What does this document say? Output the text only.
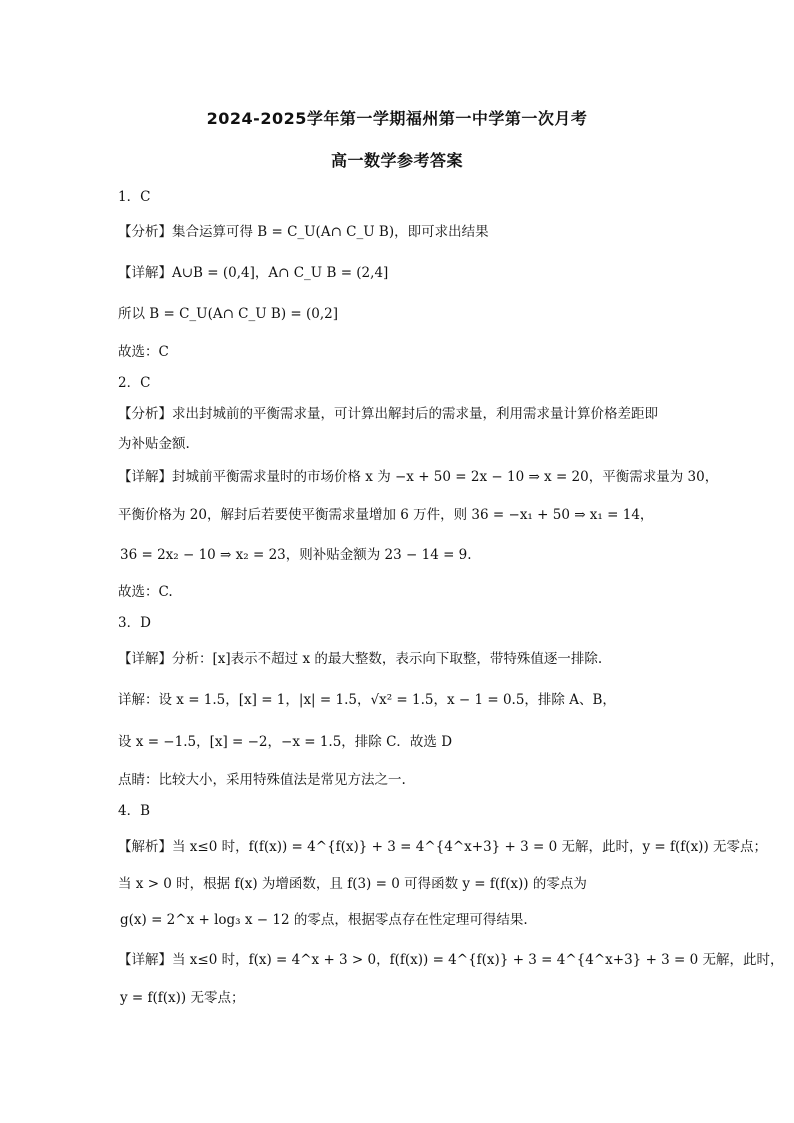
2024-2025学年第一学期福州第一中学第一次月考
高一数学参考答案
1．C
【分析】集合运算可得 B = C_U(A∩ C_U B)，即可求出结果
【详解】A∪B = (0,4]，A∩ C_U B = (2,4]
所以 B = C_U(A∩ C_U B) = (0,2]
故选：C
2．C
【分析】求出封城前的平衡需求量，可计算出解封后的需求量，利用需求量计算价格差距即
为补贴金额.
【详解】封城前平衡需求量时的市场价格 x 为 −x + 50 = 2x − 10 ⇒ x = 20，平衡需求量为 30，
平衡价格为 20，解封后若要使平衡需求量增加 6 万件，则 36 = −x₁ + 50 ⇒ x₁ = 14，
36 = 2x₂ − 10 ⇒ x₂ = 23，则补贴金额为 23 − 14 = 9.
故选：C.
3．D
【详解】分析：[x]表示不超过 x 的最大整数，表示向下取整，带特殊值逐一排除.
详解：设 x = 1.5，[x] = 1，|x| = 1.5，√x² = 1.5，x − 1 = 0.5，排除 A、B，
设 x = −1.5，[x] = −2，−x = 1.5，排除 C．故选 D
点睛：比较大小，采用特殊值法是常见方法之一.
4．B
【解析】当 x≤0 时，f(f(x)) = 4^{f(x)} + 3 = 4^{4^x+3} + 3 = 0 无解，此时，y = f(f(x)) 无零点；
当 x > 0 时，根据 f(x) 为增函数，且 f(3) = 0 可得函数 y = f(f(x)) 的零点为
g(x) = 2^x + log₃ x − 12 的零点，根据零点存在性定理可得结果.
【详解】当 x≤0 时，f(x) = 4^x + 3 > 0，f(f(x)) = 4^{f(x)} + 3 = 4^{4^x+3} + 3 = 0 无解，此时，
y = f(f(x)) 无零点；
